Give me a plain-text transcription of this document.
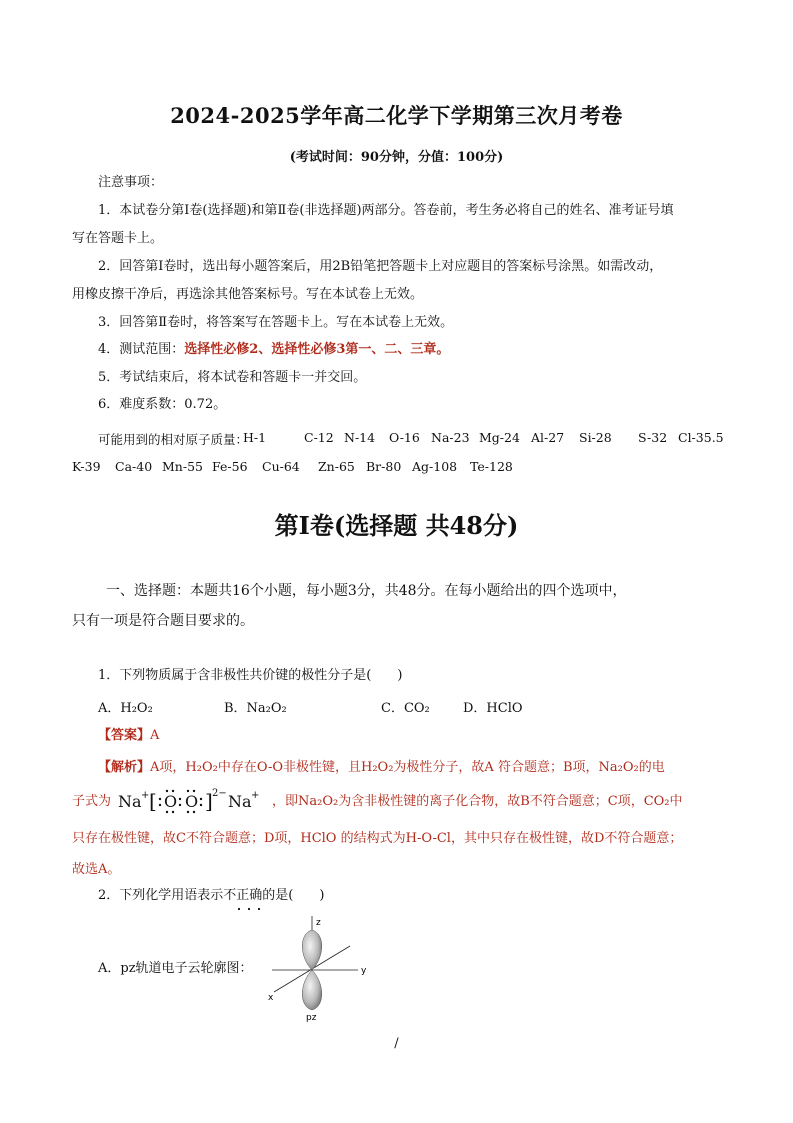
2024-2025学年高二化学下学期第三次月考卷
(考试时间：90分钟，分值：100分)
注意事项：
1．本试卷分第Ⅰ卷(选择题)和第Ⅱ卷(非选择题)两部分。答卷前，考生务必将自己的姓名、准考证号填
写在答题卡上。
2．回答第Ⅰ卷时，选出每小题答案后，用2B铅笔把答题卡上对应题目的答案标号涂黑。如需改动，
用橡皮擦干净后，再选涂其他答案标号。写在本试卷上无效。
3．回答第Ⅱ卷时，将答案写在答题卡上。写在本试卷上无效。
4．测试范围：选择性必修2、选择性必修3第一、二、三章。
5．考试结束后，将本试卷和答题卡一并交回。
6．难度系数：0.72。
可能用到的相对原子质量：
H-1	C-12 N-14 O-16 Na-23 Mg-24 Al-27 Si-28 S-32 Cl-35.5
K-39 Ca-40 Mn-55 Fe-56 Cu-64 Zn-65 Br-80 Ag-108 Te-128
第Ⅰ卷(选择题 共48分)
一、选择题：本题共16个小题，每小题3分，共48分。在每小题给出的四个选项中，
只有一项是符合题目要求的。
1．下列物质属于含非极性共价键的极性分子是(　　)
A．H₂O₂	B．Na₂O₂	C．CO₂	D．HClO
【答案】A
【解析】A项，H₂O₂中存在O-O非极性键，且H₂O₂为极性分子，故A 符合题意；B项，Na₂O₂的电
子式为 Na + [ O O ] 2− Na + ，即Na₂O₂为含非极性键的离子化合物，故B不符合题意；C项，CO₂中
只存在极性键，故C不符合题意；D项，HClO 的结构式为H-O-Cl，其中只存在极性键，故D不符合题意；
故选A。
2．下列化学用语表示不正确的是(　　)
A．pz轨道电子云轮廓图：
z
y
x
pz
/
